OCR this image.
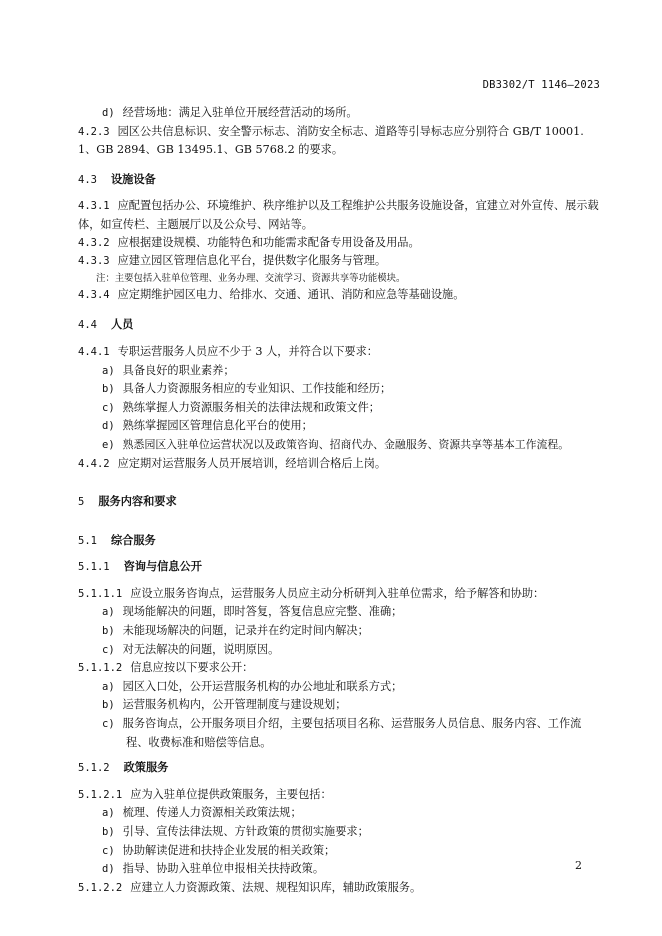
DB3302/T 1146—2023

d) 经营场地：满足入驻单位开展经营活动的场所。

4.2.3 园区公共信息标识、安全警示标志、消防安全标志、道路等引导标志应分别符合 GB/T 10001.1、GB 2894、GB 13495.1、GB 5768.2 的要求。

4.3 设施设备

4.3.1 应配置包括办公、环境维护、秩序维护以及工程维护公共服务设施设备，宜建立对外宣传、展示载体，如宣传栏、主题展厅以及公众号、网站等。

4.3.2 应根据建设规模、功能特色和功能需求配备专用设备及用品。

4.3.3 应建立园区管理信息化平台，提供数字化服务与管理。

注：主要包括入驻单位管理、业务办理、交流学习、资源共享等功能模块。

4.3.4 应定期维护园区电力、给排水、交通、通讯、消防和应急等基础设施。

4.4 人员

4.4.1 专职运营服务人员应不少于 3 人，并符合以下要求：

a) 具备良好的职业素养；

b) 具备人力资源服务相应的专业知识、工作技能和经历；

c) 熟练掌握人力资源服务相关的法律法规和政策文件；

d) 熟练掌握园区管理信息化平台的使用；

e) 熟悉园区入驻单位运营状况以及政策咨询、招商代办、金融服务、资源共享等基本工作流程。

4.4.2 应定期对运营服务人员开展培训，经培训合格后上岗。

5 服务内容和要求

5.1 综合服务

5.1.1 咨询与信息公开

5.1.1.1 应设立服务咨询点，运营服务人员应主动分析研判入驻单位需求，给予解答和协助：

a) 现场能解决的问题，即时答复，答复信息应完整、准确；

b) 未能现场解决的问题，记录并在约定时间内解决；

c) 对无法解决的问题，说明原因。

5.1.1.2 信息应按以下要求公开：

a) 园区入口处，公开运营服务机构的办公地址和联系方式；

b) 运营服务机构内，公开管理制度与建设规划；

c) 服务咨询点，公开服务项目介绍，主要包括项目名称、运营服务人员信息、服务内容、工作流程、收费标准和赔偿等信息。

5.1.2 政策服务

5.1.2.1 应为入驻单位提供政策服务，主要包括：

a) 梳理、传递人力资源相关政策法规；

b) 引导、宣传法律法规、方针政策的贯彻实施要求；

c) 协助解读促进和扶持企业发展的相关政策；

d) 指导、协助入驻单位申报相关扶持政策。

5.1.2.2 应建立人力资源政策、法规、规程知识库，辅助政策服务。

2
